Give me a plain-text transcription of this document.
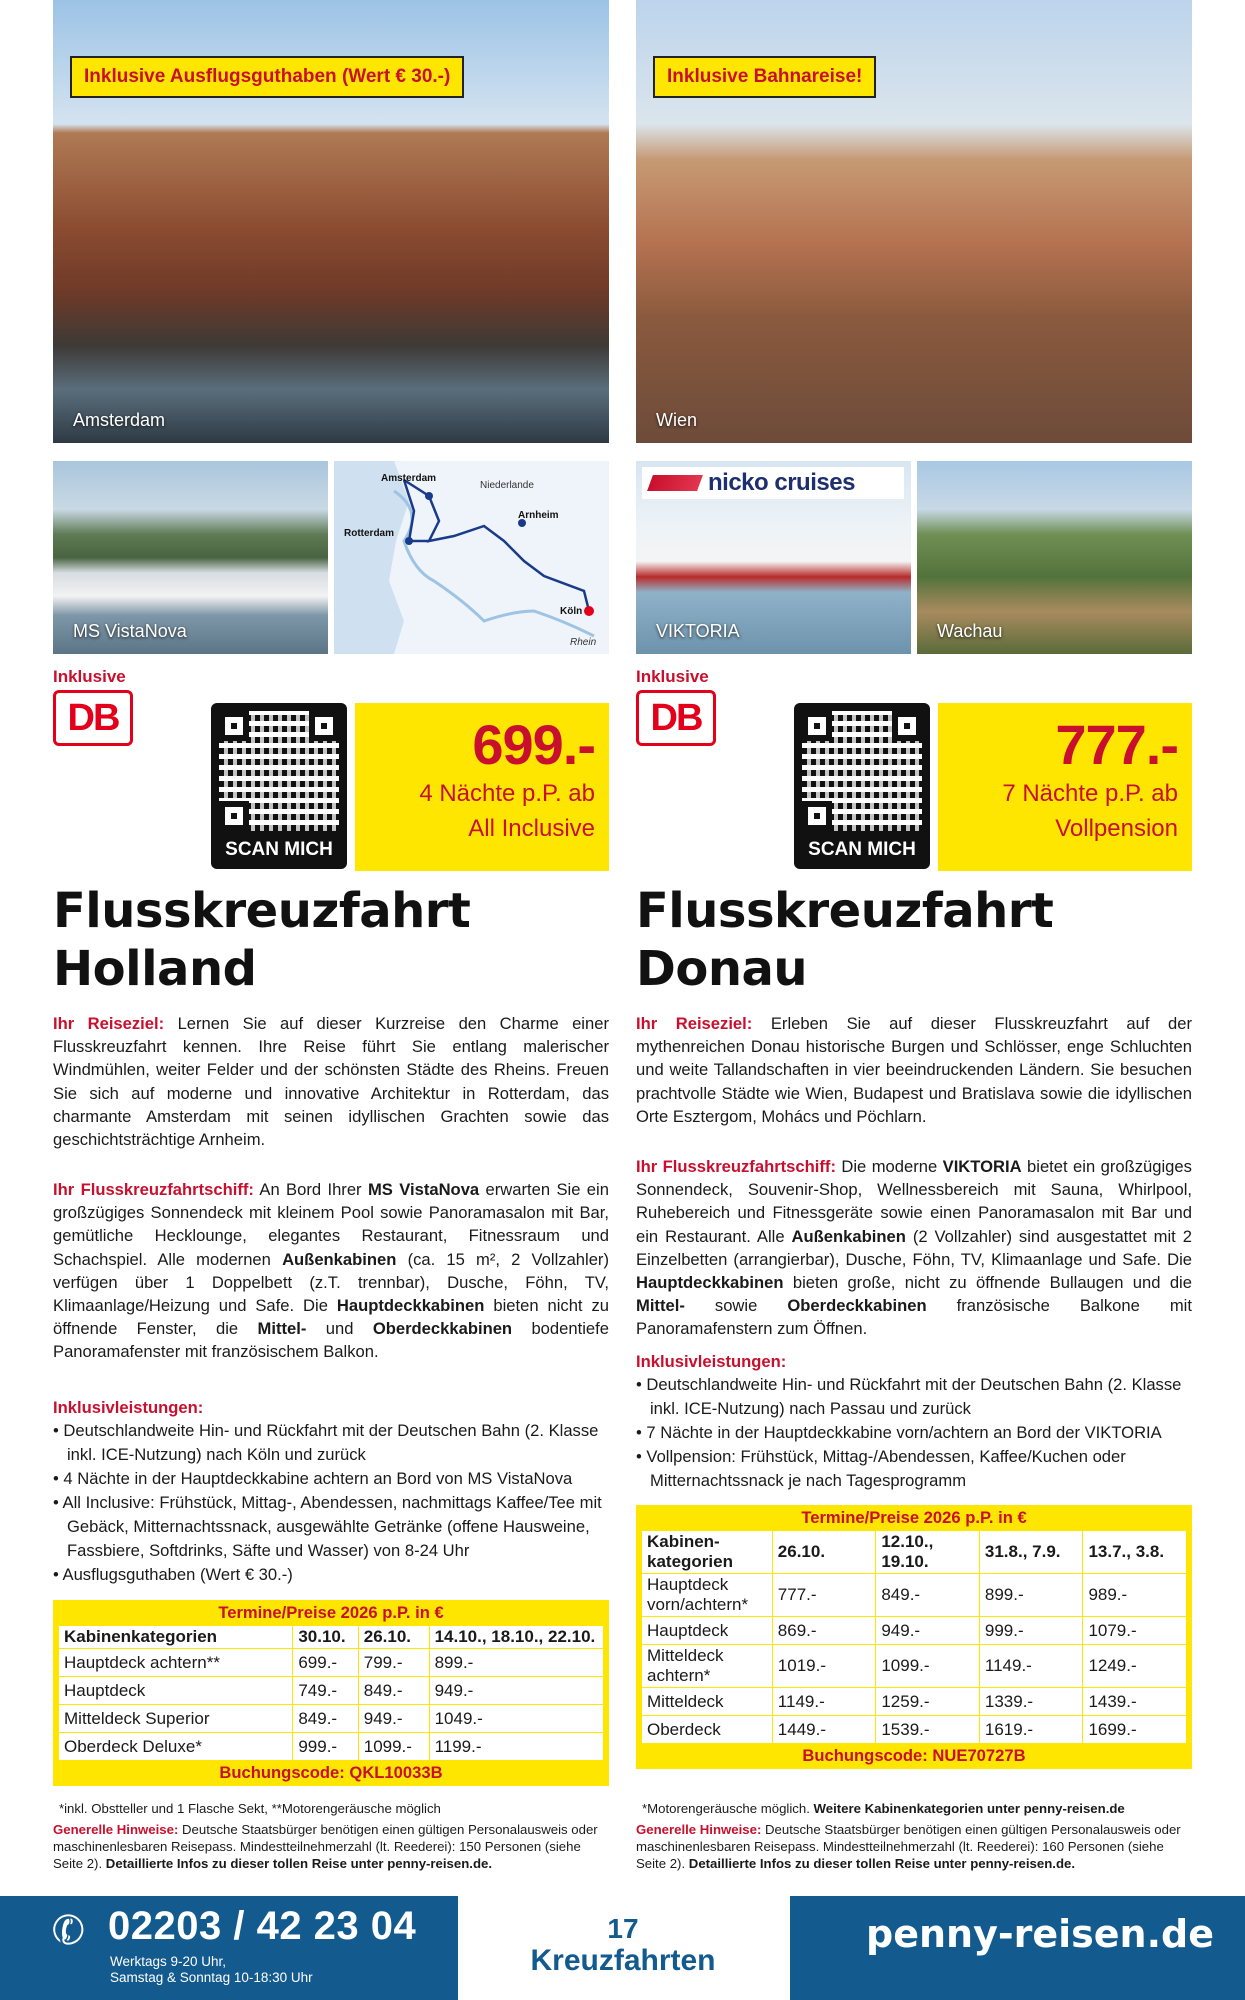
Inklusive Ausflugsguthaben (Wert € 30.-)
Amsterdam
MS VistaNova
Amsterdam
Niederlande
Rotterdam
Arnheim
Köln
Rhein
Inklusive
DB
SCAN MICH
699.-
4 Nächte p.P. ab
All Inclusive
Flusskreuzfahrt
Holland
Ihr Reiseziel: Lernen Sie auf dieser Kurzreise den Charme einer Flusskreuzfahrt kennen. Ihre Reise führt Sie entlang malerischer Windmühlen, weiter Felder und der schönsten Städte des Rheins. Freuen Sie sich auf moderne und innovative Architektur in Rotterdam, das charmante Amsterdam mit seinen idyllischen Grachten sowie das geschichtsträchtige Arnheim.
Ihr Flusskreuzfahrtschiff: An Bord Ihrer MS VistaNova erwarten Sie ein großzügiges Sonnendeck mit kleinem Pool sowie Panoramasalon mit Bar, gemütliche Hecklounge, elegantes Restaurant, Fitnessraum und Schachspiel. Alle modernen Außenkabinen (ca. 15 m², 2 Vollzahler) verfügen über 1 Doppelbett (z.T. trennbar), Dusche, Föhn, TV, Klimaanlage/Heizung und Safe. Die Hauptdeckkabinen bieten nicht zu öffnende Fenster, die Mittel- und Oberdeckkabinen bodentiefe Panoramafenster mit französischem Balkon.
Inklusivleistungen:
• Deutschlandweite Hin- und Rückfahrt mit der Deutschen Bahn (2. Klasse inkl. ICE-Nutzung) nach Köln und zurück
• 4 Nächte in der Hauptdeckkabine achtern an Bord von MS VistaNova
• All Inclusive: Frühstück, Mittag-, Abendessen, nachmittags Kaffee/Tee mit Gebäck, Mitternachtssnack, ausgewählte Getränke (offene Hausweine, Fassbiere, Softdrinks, Säfte und Wasser) von 8-24 Uhr
• Ausflugsguthaben (Wert € 30.-)
Termine/Preise 2026 p.P. in €
Kabinenkategorien	30.10.	26.10.	14.10., 18.10., 22.10.
Hauptdeck achtern**	699.-	799.-	899.-
Hauptdeck	749.-	849.-	949.-
Mitteldeck Superior	849.-	949.-	1049.-
Oberdeck Deluxe*	999.-	1099.-	1199.-
Buchungscode: QKL10033B
*inkl. Obstteller und 1 Flasche Sekt, **Motorengeräusche möglich
Generelle Hinweise: Deutsche Staatsbürger benötigen einen gültigen Personalausweis oder maschinenlesbaren Reisepass. Mindestteilnehmerzahl (lt. Reederei): 150 Personen (siehe Seite 2). Detaillierte Infos zu dieser tollen Reise unter penny-reisen.de.
Inklusive Bahnareise!
Wien
nicko cruises
VIKTORIA	Wachau
Inklusive
DB
SCAN MICH
777.-
7 Nächte p.P. ab
Vollpension
Flusskreuzfahrt
Donau
Ihr Reiseziel: Erleben Sie auf dieser Flusskreuzfahrt auf der mythenreichen Donau historische Burgen und Schlösser, enge Schluchten und weite Tallandschaften in vier beeindruckenden Ländern. Sie besuchen prachtvolle Städte wie Wien, Budapest und Bratislava sowie die idyllischen Orte Esztergom, Mohács und Pöchlarn.
Ihr Flusskreuzfahrtschiff: Die moderne VIKTORIA bietet ein großzügiges Sonnendeck, Souvenir-Shop, Wellnessbereich mit Sauna, Whirlpool, Ruhebereich und Fitnessgeräte sowie einen Panoramasalon mit Bar und ein Restaurant. Alle Außenkabinen (2 Vollzahler) sind ausgestattet mit 2 Einzelbetten (arrangierbar), Dusche, Föhn, TV, Klimaanlage und Safe. Die Hauptdeckkabinen bieten große, nicht zu öffnende Bullaugen und die Mittel- sowie Oberdeckkabinen französische Balkone mit Panoramafenstern zum Öffnen.
Inklusivleistungen:
• Deutschlandweite Hin- und Rückfahrt mit der Deutschen Bahn (2. Klasse inkl. ICE-Nutzung) nach Passau und zurück
• 7 Nächte in der Hauptdeckkabine vorn/achtern an Bord der VIKTORIA
• Vollpension: Frühstück, Mittag-/Abendessen, Kaffee/Kuchen oder Mitternachtssnack je nach Tagesprogramm
Termine/Preise 2026 p.P. in €
Kabinen-kategorien	26.10.	12.10., 19.10.	31.8., 7.9.	13.7., 3.8.
Hauptdeck vorn/achtern*	777.-	849.-	899.-	989.-
Hauptdeck	869.-	949.-	999.-	1079.-
Mitteldeck achtern*	1019.-	1099.-	1149.-	1249.-
Mitteldeck	1149.-	1259.-	1339.-	1439.-
Oberdeck	1449.-	1539.-	1619.-	1699.-
Buchungscode: NUE70727B
*Motorengeräusche möglich. Weitere Kabinenkategorien unter penny-reisen.de
Generelle Hinweise: Deutsche Staatsbürger benötigen einen gültigen Personalausweis oder maschinenlesbaren Reisepass. Mindestteilnehmerzahl (lt. Reederei): 160 Personen (siehe Seite 2). Detaillierte Infos zu dieser tollen Reise unter penny-reisen.de.
✆ 02203 / 42 23 04
Werktags 9-20 Uhr,
Samstag & Sonntag 10-18:30 Uhr
17
Kreuzfahrten
penny-reisen.de
